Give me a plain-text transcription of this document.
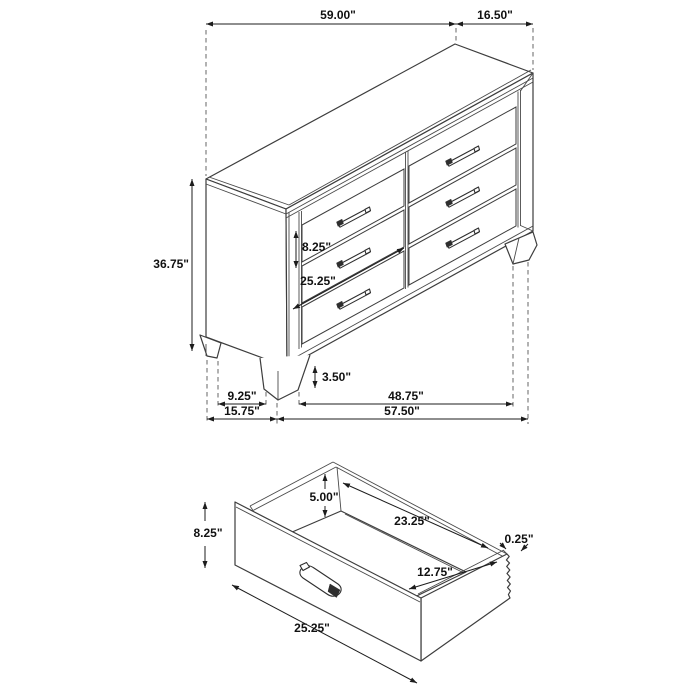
59.00"	16.50"
36.75"
8.25"
25.25"
3.50"
9.25"	48.75"
15.75"	57.50"
8.25"
5.00"
23.25"
0.25"
12.75"
25.25"
